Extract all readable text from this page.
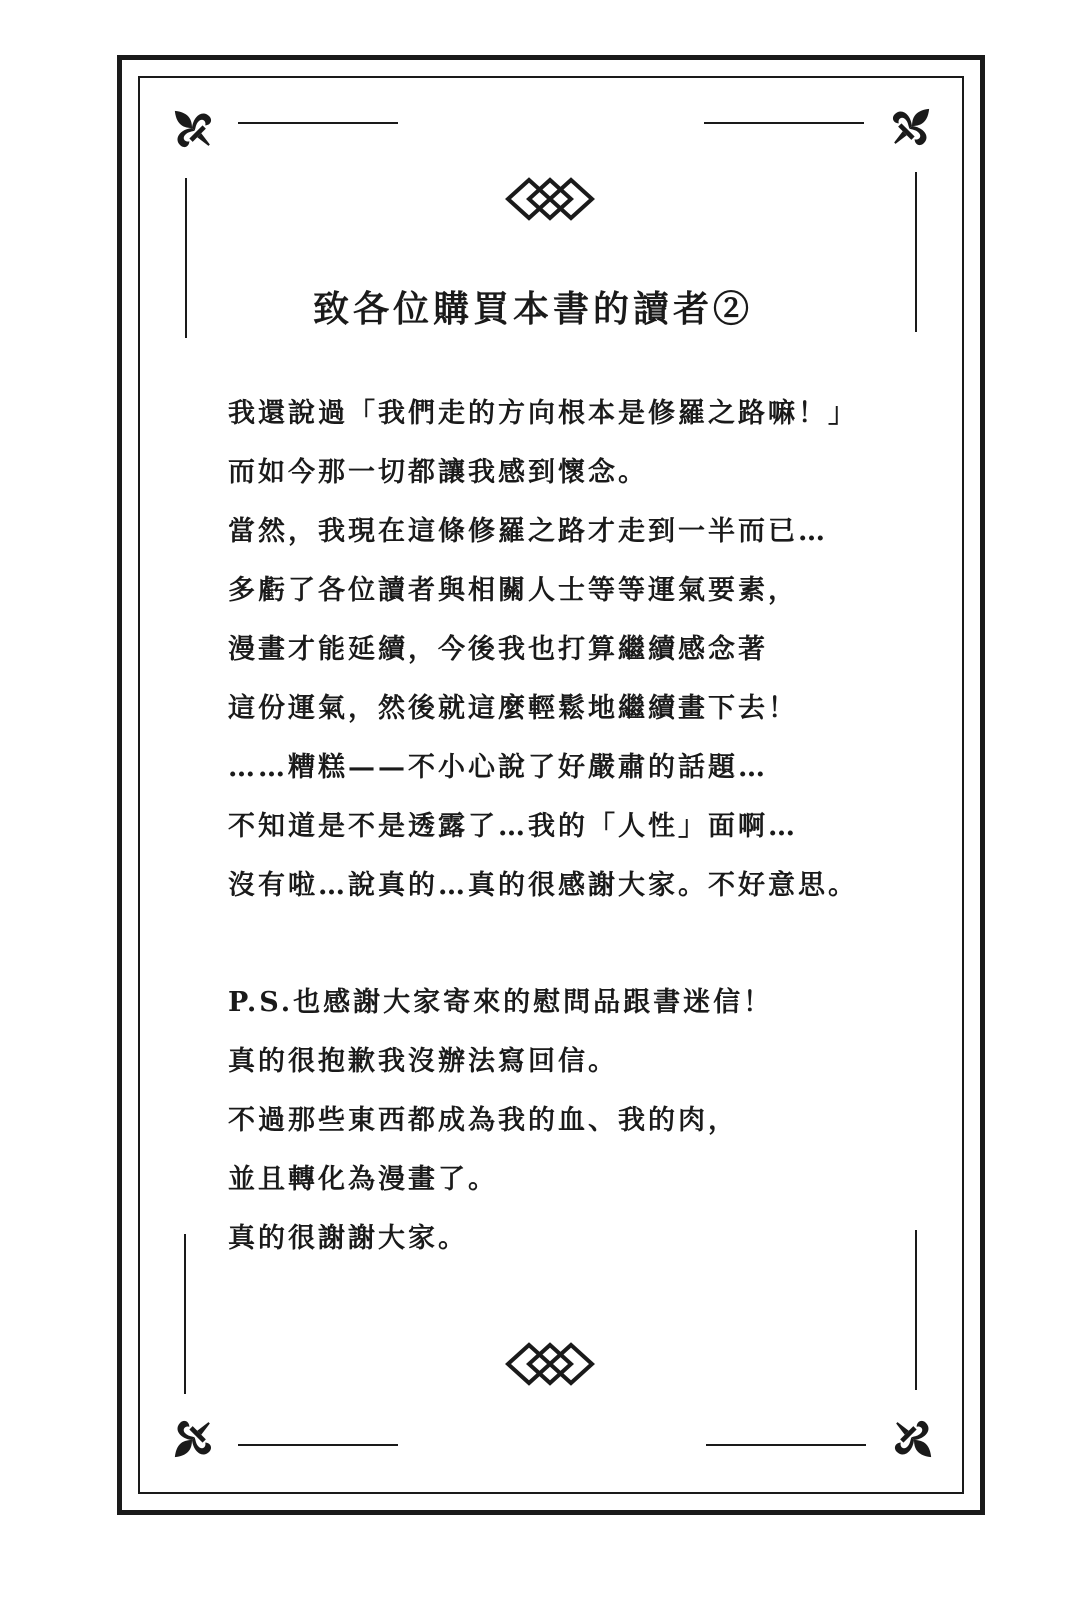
致各位購買本書的讀者②
我還說過「我們走的方向根本是修羅之路嘛！」
而如今那一切都讓我感到懷念。
當然，我現在這條修羅之路才走到一半而已…
多虧了各位讀者與相關人士等等運氣要素，
漫畫才能延續，今後我也打算繼續感念著
這份運氣，然後就這麼輕鬆地繼續畫下去！
……糟糕——不小心說了好嚴肅的話題…
不知道是不是透露了…我的「人性」面啊…
沒有啦…說真的…真的很感謝大家。不好意思。
P.S.也感謝大家寄來的慰問品跟書迷信！
真的很抱歉我沒辦法寫回信。
不過那些東西都成為我的血、我的肉，
並且轉化為漫畫了。
真的很謝謝大家。
